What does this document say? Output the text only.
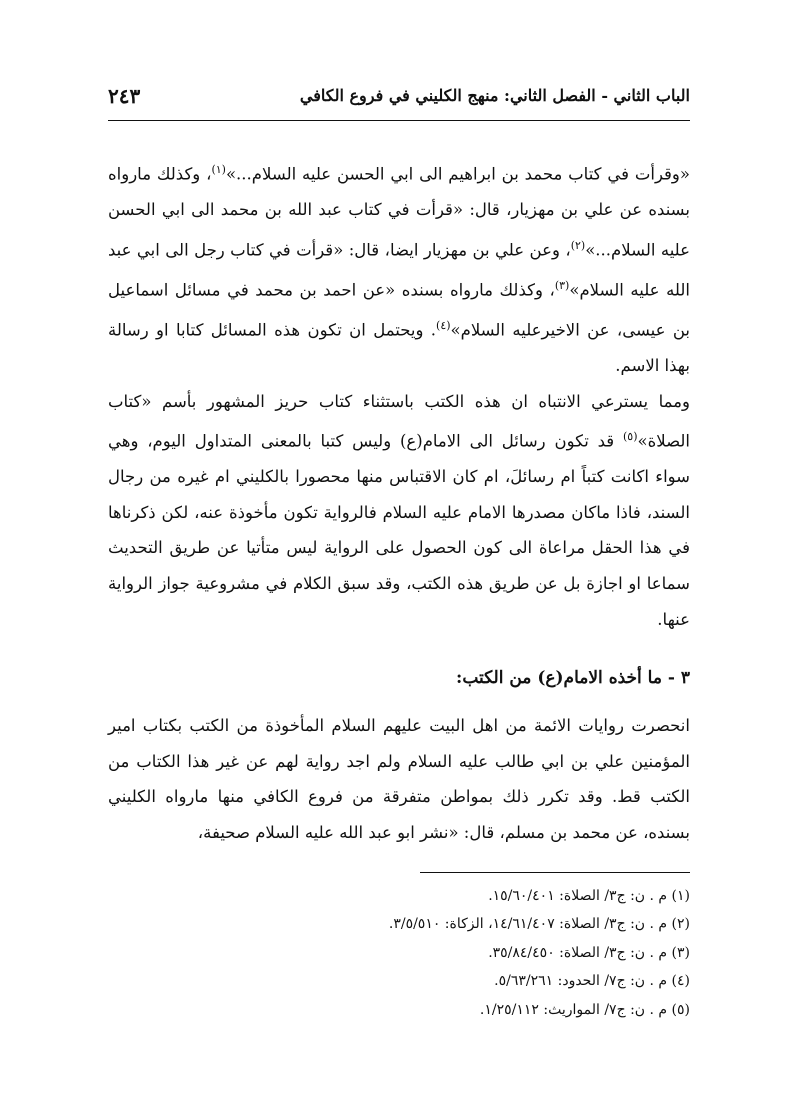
الباب الثاني - الفصل الثاني: منهج الكليني في فروع الكافي
٢٤٣

«وقرأت في كتاب محمد بن ابراهيم الى ابي الحسن عليه السلام...»$^{(١)}$، وكذلك مارواه بسنده عن علي بن مهزيار، قال: «قرأت في كتاب عبد الله بن محمد الى ابي الحسن عليه السلام...»$^{(٢)}$، وعن علي بن مهزيار ايضا، قال: «قرأت في كتاب رجل الى ابي عبد الله عليه السلام»$^{(٣)}$، وكذلك مارواه بسنده «عن احمد بن محمد في مسائل اسماعيل بن عيسى، عن الاخيرعليه السلام»$^{(٤)}$. ويحتمل ان تكون هذه المسائل كتابا او رسالة بهذا الاسم.

ومما يسترعي الانتباه ان هذه الكتب باستثناء كتاب حريز المشهور بأسم «كتاب الصلاة»$^{(٥)}$ قد تكون رسائل الى الامام(ع) وليس كتبا بالمعنى المتداول اليوم، وهي سواء اكانت كتباً ام رسائلَ، ام كان الاقتباس منها محصورا بالكليني ام غيره من رجال السند، فاذا ماكان مصدرها الامام عليه السلام فالرواية تكون مأخوذة عنه، لكن ذكرناها في هذا الحقل مراعاة الى كون الحصول على الرواية ليس متأتيا عن طريق التحديث سماعا او اجازة بل عن طريق هذه الكتب، وقد سبق الكلام في مشروعية جواز الرواية عنها.

٣ - ما أخذه الامام(ع) من الكتب:

انحصرت روايات الائمة من اهل البيت عليهم السلام المأخوذة من الكتب بكتاب امير المؤمنين علي بن ابي طالب عليه السلام ولم اجد رواية لهم عن غير هذا الكتاب من الكتب قط. وقد تكرر ذلك بمواطن متفرقة من فروع الكافي منها مارواه الكليني بسنده، عن محمد بن مسلم، قال: «نشر ابو عبد الله عليه السلام صحيفة،

(١) م . ن: ج٣/ الصلاة: ١٥/٦٠/٤٠١.
(٢) م . ن: ج٣/ الصلاة: ١٤/٦١/٤٠٧، الزكاة: ٣/٥/٥١٠.
(٣) م . ن: ج٣/ الصلاة: ٣٥/٨٤/٤٥٠.
(٤) م . ن: ج٧/ الحدود: ٥/٦٣/٢٦١.
(٥) م . ن: ج٧/ المواريث: ١/٢٥/١١٢.
